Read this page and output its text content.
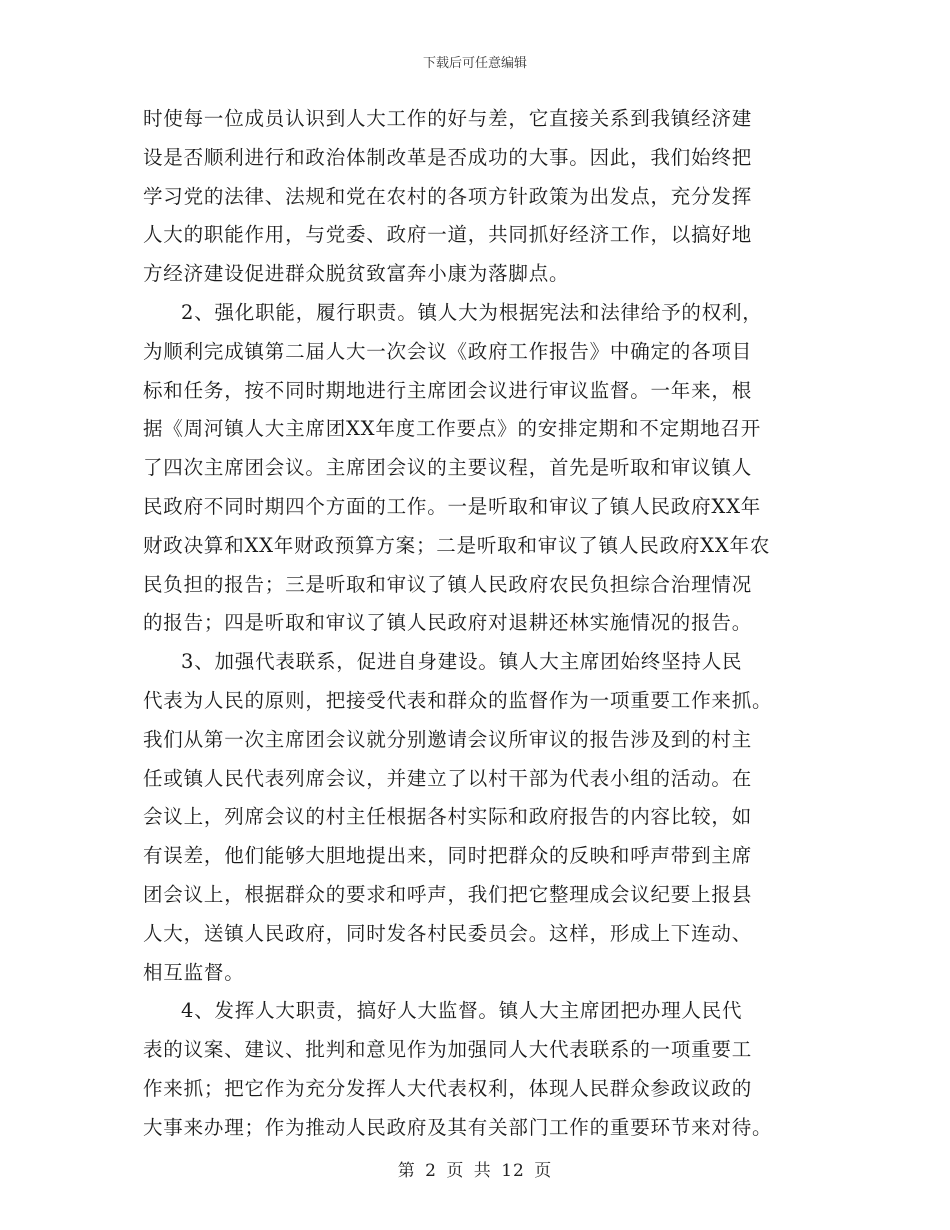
下载后可任意编辑
时使每一位成员认识到人大工作的好与差，它直接关系到我镇经济建
设是否顺利进行和政治体制改革是否成功的大事。因此，我们始终把
学习党的法律、法规和党在农村的各项方针政策为出发点，充分发挥
人大的职能作用，与党委、政府一道，共同抓好经济工作，以搞好地
方经济建设促进群众脱贫致富奔小康为落脚点。
2、强化职能，履行职责。镇人大为根据宪法和法律给予的权利，
为顺利完成镇第二届人大一次会议《政府工作报告》中确定的各项目
标和任务，按不同时期地进行主席团会议进行审议监督。一年来，根
据《周河镇人大主席团XX年度工作要点》的安排定期和不定期地召开
了四次主席团会议。主席团会议的主要议程，首先是听取和审议镇人
民政府不同时期四个方面的工作。一是听取和审议了镇人民政府XX年
财政决算和XX年财政预算方案；二是听取和审议了镇人民政府XX年农
民负担的报告；三是听取和审议了镇人民政府农民负担综合治理情况
的报告；四是听取和审议了镇人民政府对退耕还林实施情况的报告。
3、加强代表联系，促进自身建设。镇人大主席团始终坚持人民
代表为人民的原则，把接受代表和群众的监督作为一项重要工作来抓。
我们从第一次主席团会议就分别邀请会议所审议的报告涉及到的村主
任或镇人民代表列席会议，并建立了以村干部为代表小组的活动。在
会议上，列席会议的村主任根据各村实际和政府报告的内容比较，如
有误差，他们能够大胆地提出来，同时把群众的反映和呼声带到主席
团会议上，根据群众的要求和呼声，我们把它整理成会议纪要上报县
人大，送镇人民政府，同时发各村民委员会。这样，形成上下连动、
相互监督。
4、发挥人大职责，搞好人大监督。镇人大主席团把办理人民代
表的议案、建议、批判和意见作为加强同人大代表联系的一项重要工
作来抓；把它作为充分发挥人大代表权利，体现人民群众参政议政的
大事来办理；作为推动人民政府及其有关部门工作的重要环节来对待。
第 2 页 共 12 页
